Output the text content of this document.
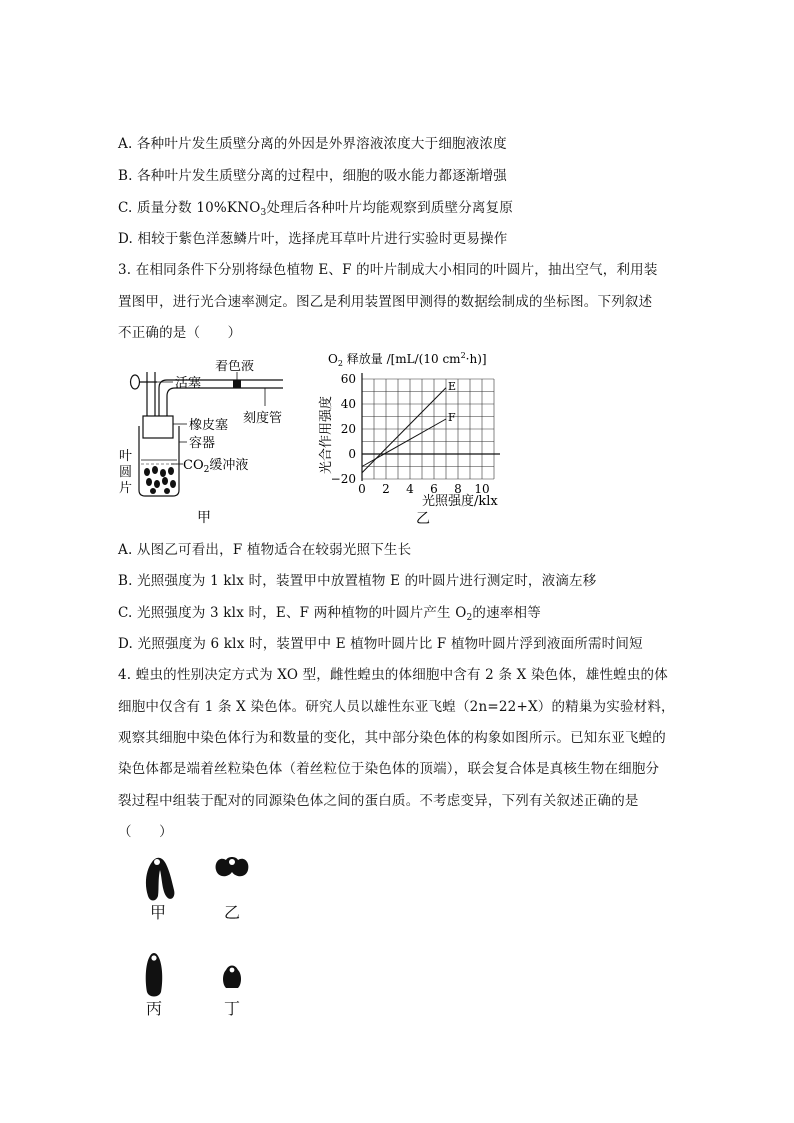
A. 各种叶片发生质壁分离的外因是外界溶液浓度大于细胞液浓度
B. 各种叶片发生质壁分离的过程中，细胞的吸水能力都逐渐增强
C. 质量分数 $10\%KNO_3$处理后各种叶片均能观察到质壁分离复原
D. 相较于紫色洋葱鳞片叶，选择虎耳草叶片进行实验时更易操作
3. 在相同条件下分别将绿色植物 E、F 的叶片制成大小相同的叶圆片，抽出空气，利用装
置图甲，进行光合速率测定。图乙是利用装置图甲测得的数据绘制成的坐标图。下列叙述
不正确的是（　　）
活塞
着色液
橡皮塞 刻度管
容器
$CO_2$缓冲液
叶
圆
片
甲
$O_2$ 释放量 /[mL/(10 $cm^2\cdot h$)]
60
40
20
0
−20
0 2 4 6 8 10
E
F
光合作用强度
光照强度/klx
乙
A. 从图乙可看出，F 植物适合在较弱光照下生长
B. 光照强度为 1 klx 时，装置甲中放置植物 E 的叶圆片进行测定时，液滴左移
C. 光照强度为 3 klx 时，E、F 两种植物的叶圆片产生 $O_2$的速率相等
D. 光照强度为 6 klx 时，装置甲中 E 植物叶圆片比 F 植物叶圆片浮到液面所需时间短
4. 蝗虫的性别决定方式为 XO 型，雌性蝗虫的体细胞中含有 2 条 X 染色体，雄性蝗虫的体
细胞中仅含有 1 条 X 染色体。研究人员以雄性东亚飞蝗（2n=22+X）的精巢为实验材料，
观察其细胞中染色体行为和数量的变化，其中部分染色体的构象如图所示。已知东亚飞蝗的
染色体都是端着丝粒染色体（着丝粒位于染色体的顶端），联会复合体是真核生物在细胞分
裂过程中组装于配对的同源染色体之间的蛋白质。不考虑变异，下列有关叙述正确的是
（　　）
甲	乙
丙	丁
